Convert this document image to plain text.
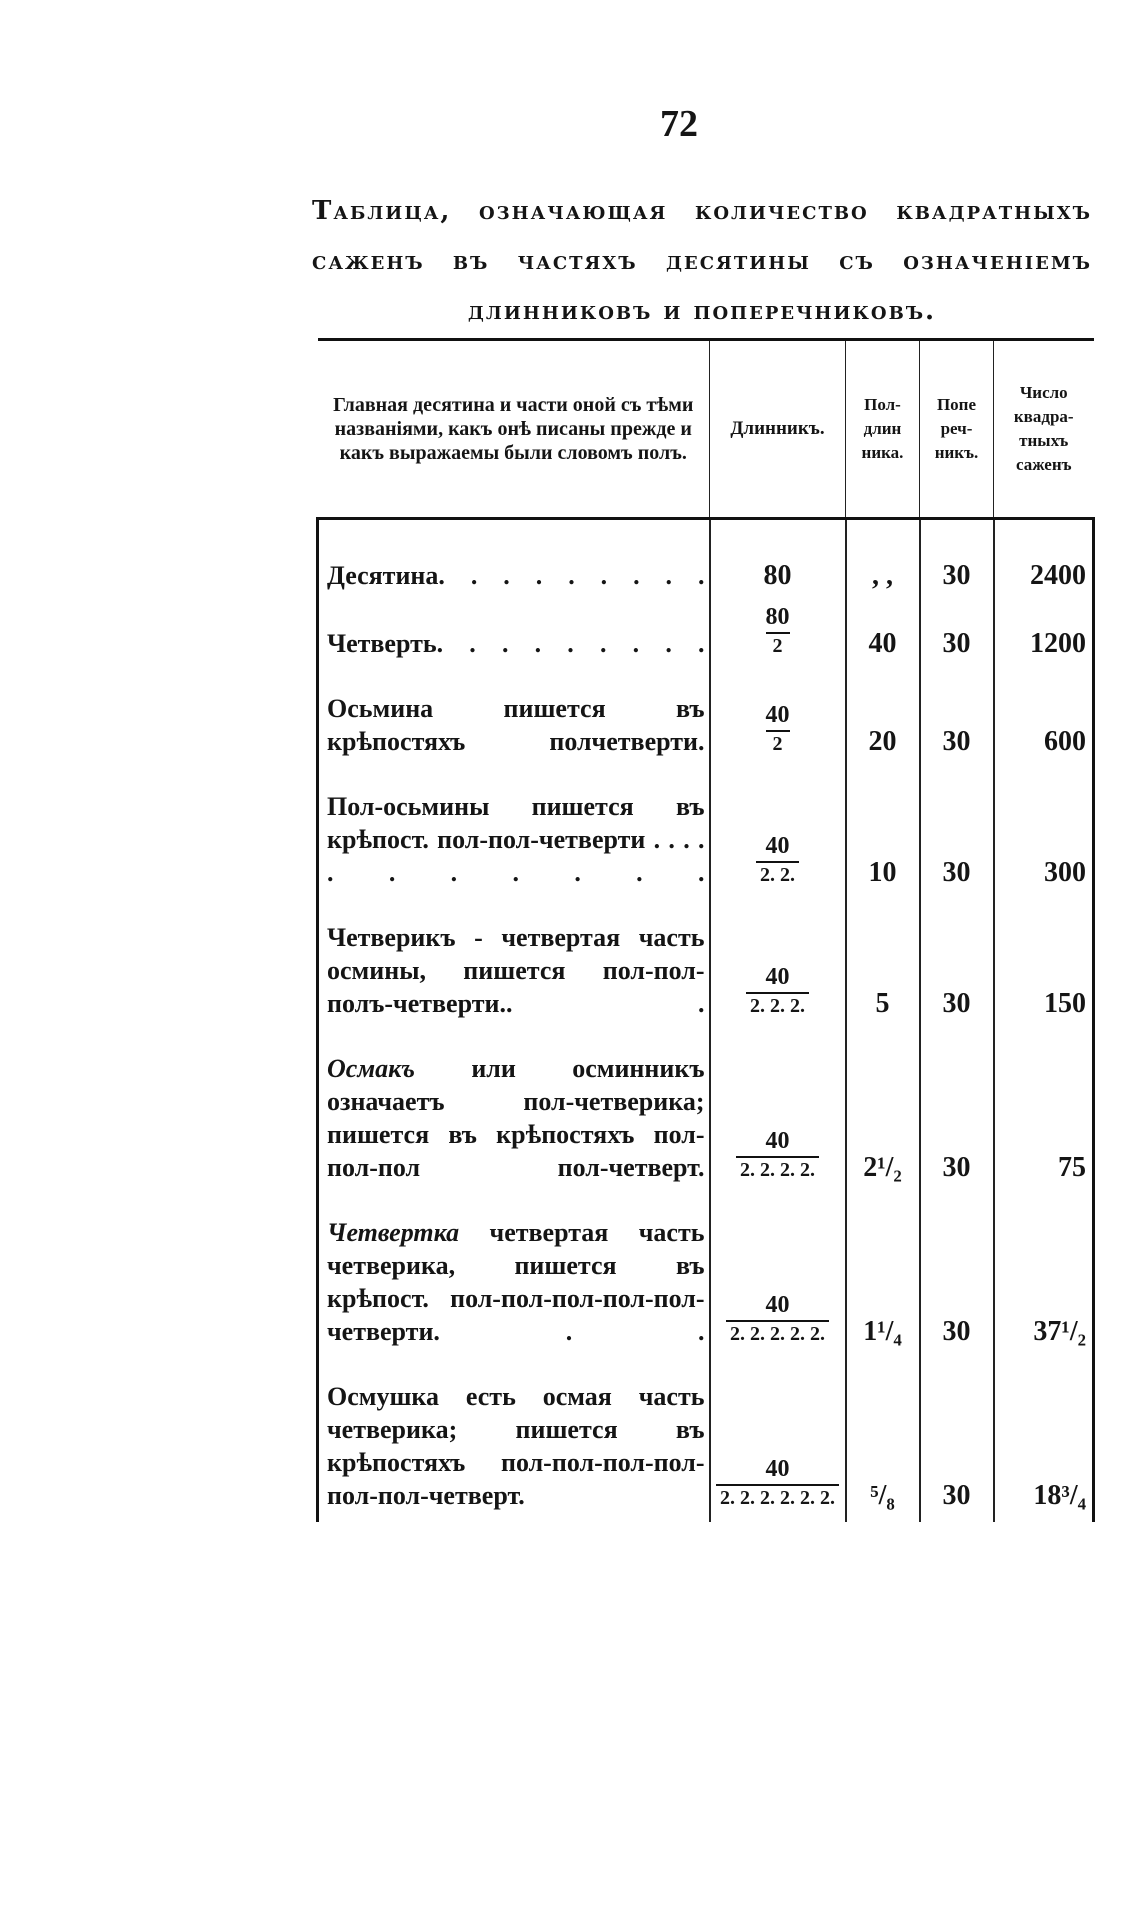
72
Таблица, означающая количество квадратныхъ саженъ въ частяхъ десятины съ означенiемъ длинниковъ и поперечниковъ.
Главная десятина и части оной съ тѣми названiями, какъ онѣ писаны прежде и какъ выражаемы были словомъ полъ.	Длинникъ.	Пол- длин ника.	Попе реч- никъ.	Число квадра- тныхъ саженъ
Десятина. . . . . . . . .	80	, ,	30	2400
Четверть. . . . . . . . .	$\frac{80}{2}$	40	30	1200
Осьмина пишется въ крѣпостяхъ полчетверти.	$\frac{40}{2}$	20	30	600
Пол-осьмины пишется въ крѣпост. пол-пол-четверти . . . . . . . . . . .	$\frac{40}{2. 2.}$	10	30	300
Четверикъ - четвертая часть осмины, пишется пол-пол-полъ-четверти.. .	$\frac{40}{2. 2. 2.}$	5	30	150
Осмакъ или осминникъ означаетъ пол-четверика; пишется въ крѣпостяхъ пол-пол-пол пол-четверт.	$\frac{40}{2. 2. 2. 2.}$	2¹/₂	30	75
Четвертка четвертая часть четверика, пишется въ крѣпост. пол-пол-пол-пол-пол-четверти. . .	$\frac{40}{2. 2. 2. 2. 2.}$	1¹/₄	30	37¹/₂
Осмушка есть осмая часть четверика; пишется въ крѣпостяхъ пол-пол-пол-пол-пол-пол-четверт.	$\frac{40}{2. 2. 2. 2. 2. 2.}$	⁵/₈	30	18³/₄
